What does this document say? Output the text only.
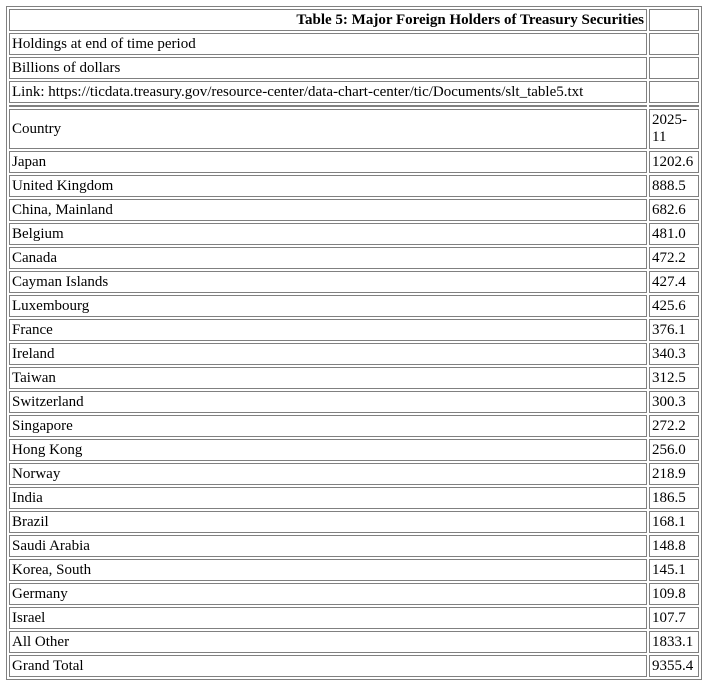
Table 5: Major Foreign Holders of Treasury Securities	
Holdings at end of time period	
Billions of dollars	
Link: https://ticdata.treasury.gov/resource-center/data-chart-center/tic/Documents/slt_table5.txt	

Country	2025-11
Japan	1202.6
United Kingdom	888.5
China, Mainland	682.6
Belgium	481.0
Canada	472.2
Cayman Islands	427.4
Luxembourg	425.6
France	376.1
Ireland	340.3
Taiwan	312.5
Switzerland	300.3
Singapore	272.2
Hong Kong	256.0
Norway	218.9
India	186.5
Brazil	168.1
Saudi Arabia	148.8
Korea, South	145.1
Germany	109.8
Israel	107.7
All Other	1833.1
Grand Total	9355.4
